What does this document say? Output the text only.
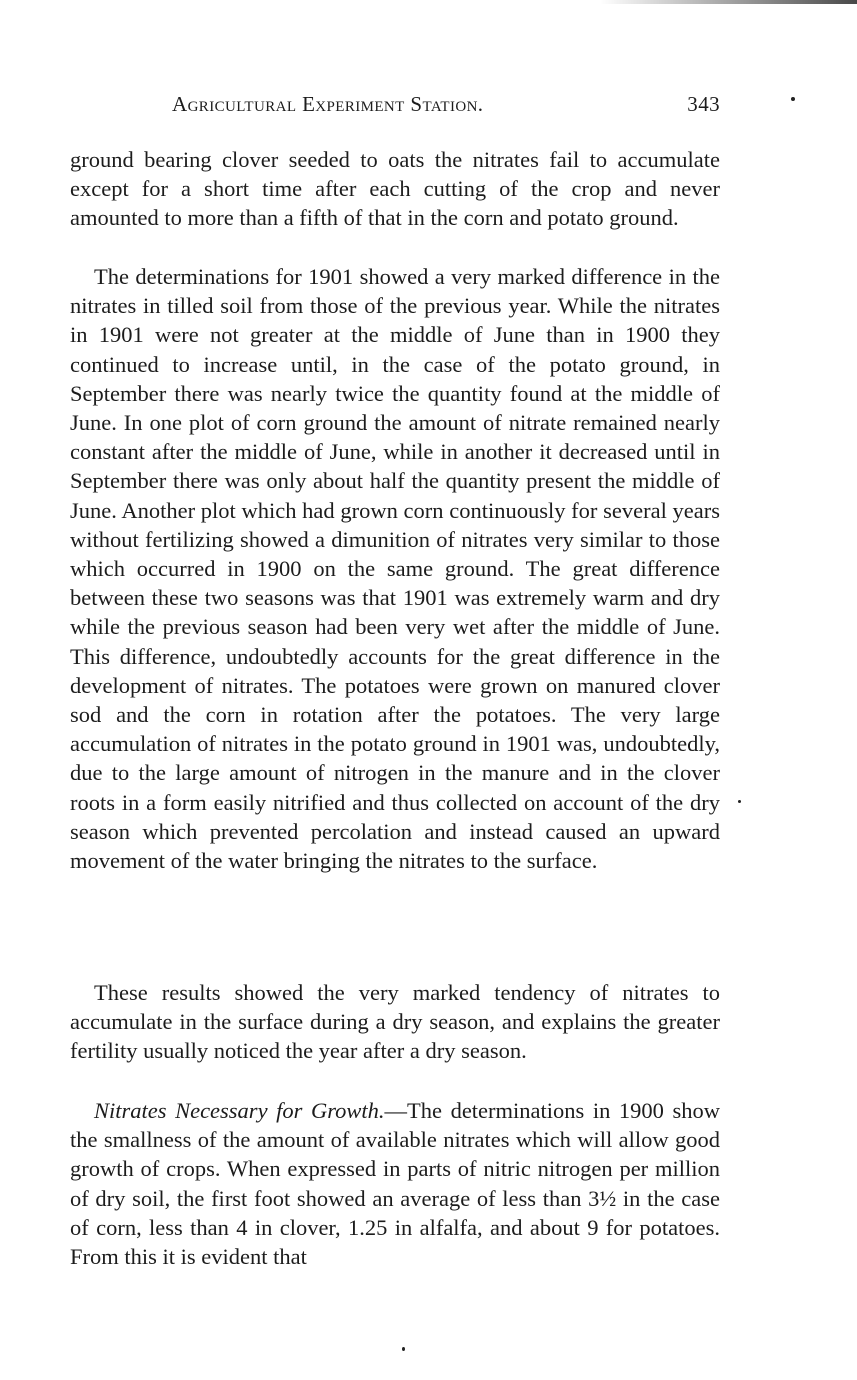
Agricultural Experiment Station.	343

ground bearing clover seeded to oats the nitrates fail to accumulate except for a short time after each cutting of the crop and never amounted to more than a fifth of that in the corn and potato ground.

The determinations for 1901 showed a very marked difference in the nitrates in tilled soil from those of the previous year. While the nitrates in 1901 were not greater at the middle of June than in 1900 they continued to increase until, in the case of the potato ground, in September there was nearly twice the quantity found at the middle of June. In one plot of corn ground the amount of nitrate remained nearly constant after the middle of June, while in another it decreased until in September there was only about half the quantity present the middle of June. Another plot which had grown corn continuously for several years without fertilizing showed a dimunition of nitrates very similar to those which occurred in 1900 on the same ground. The great difference between these two seasons was that 1901 was extremely warm and dry while the previous season had been very wet after the middle of June. This difference, undoubtedly accounts for the great difference in the development of nitrates. The potatoes were grown on manured clover sod and the corn in rotation after the potatoes. The very large accumulation of nitrates in the potato ground in 1901 was, undoubtedly, due to the large amount of nitrogen in the manure and in the clover roots in a form easily nitrified and thus collected on account of the dry season which prevented percolation and instead caused an upward movement of the water bringing the nitrates to the surface.

These results showed the very marked tendency of nitrates to accumulate in the surface during a dry season, and explains the greater fertility usually noticed the year after a dry season.

Nitrates Necessary for Growth.—The determinations in 1900 show the smallness of the amount of available nitrates which will allow good growth of crops. When expressed in parts of nitric nitrogen per million of dry soil, the first foot showed an average of less than 3½ in the case of corn, less than 4 in clover, 1.25 in alfalfa, and about 9 for potatoes. From this it is evident that
